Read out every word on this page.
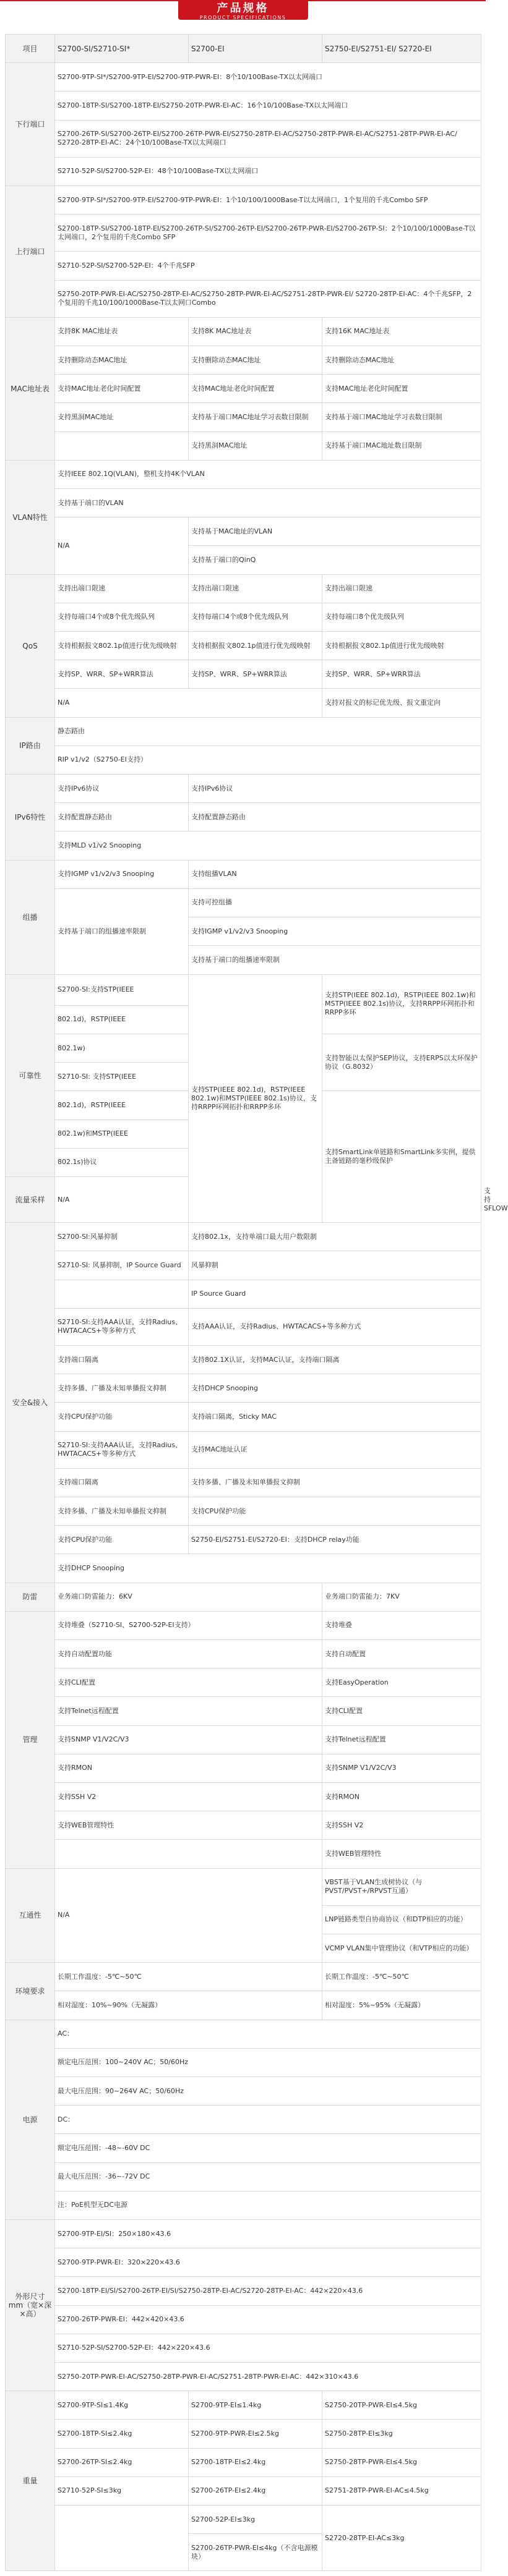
产品规格
PRODUCT SPECIFICATIONS
项目	S2700-SI/S2710-SI*	S2700-EI	S2750-EI/S2751-EI/ S2720-EI	
下行端口	S2700-9TP-SI*/S2700-9TP-EI/S2700-9TP-PWR-EI：8个10/100Base-TX以太网端口			
	S2700-18TP-SI/S2700-18TP-EI/S2750-20TP-PWR-EI-AC：16个10/100Base-TX以太网端口			
	S2700-26TP-SI/S2700-26TP-EI/S2700-26TP-PWR-EI/S2750-28TP-EI-AC/S2750-28TP-PWR-EI-AC/S2751-28TP-PWR-EI-AC/ S2720-28TP-EI-AC：24个10/100Base-TX以太网端口			
	S2710-52P-SI/S2700-52P-EI：48个10/100Base-TX以太网端口			
上行端口	S2700-9TP-SI*/S2700-9TP-EI/S2700-9TP-PWR-EI：1个10/100/1000Base-T以太网端口，1个复用的千兆Combo SFP			
	S2700-18TP-SI/S2700-18TP-EI/S2700-26TP-SI/S2700-26TP-EI/S2700-26TP-PWR-EI/S2700-26TP-SI：2个10/100/1000Base-T以太网端口，2个复用的千兆Combo SFP			
	S2710-52P-SI/S2700-52P-EI：4个千兆SFP			
	S2750-20TP-PWR-EI-AC/S2750-28TP-EI-AC/S2750-28TP-PWR-EI-AC/S2751-28TP-PWR-EI/ S2720-28TP-EI-AC：4个千兆SFP，2个复用的千兆10/100/1000Base-T以太网口Combo			
MAC地址表	支持8K MAC地址表	支持8K MAC地址表	支持16K MAC地址表	
	支持删除动态MAC地址	支持删除动态MAC地址	支持删除动态MAC地址	
	支持MAC地址老化时间配置	支持MAC地址老化时间配置	支持MAC地址老化时间配置	
	支持黑洞MAC地址	支持基于端口MAC地址学习表数目限制	支持基于端口MAC地址学习表数目限制	
		支持黑洞MAC地址	支持基于端口MAC地址数目限制	
VLAN特性	支持IEEE 802.1Q(VLAN)，整机支持4K个VLAN			
	支持基于端口的VLAN			
	N/A	支持基于MAC地址的VLAN		
		支持基于端口的QinQ		
QoS	支持出端口限速	支持出端口限速	支持出端口限速	
	支持每端口4个或8个优先级队列	支持每端口4个或8个优先级队列	支持每端口8个优先级队列	
	支持根据报文802.1p值进行优先级映射	支持根据报文802.1p值进行优先级映射	支持根据报文802.1p值进行优先级映射	
	支持SP、WRR、SP+WRR算法	支持SP、WRR、SP+WRR算法	支持SP、WRR、SP+WRR算法	
	N/A		支持对报文的标记优先级、报文重定向	
IP路由	静态路由			
	RIP v1/v2（S2750-EI支持）			
IPv6特性	支持IPv6协议	支持IPv6协议		
	支持配置静态路由	支持配置静态路由		
	支持MLD v1/v2 Snooping			
组播	支持IGMP v1/v2/v3 Snooping	支持组播VLAN		
	支持基于端口的组播速率限制	支持可控组播		
		支持IGMP v1/v2/v3 Snooping		
		支持基于端口的组播速率限制		
可靠性	S2700-SI:支持STP(IEEE	支持STP(IEEE 802.1d)，RSTP(IEEE 802.1w)和MSTP(IEEE 802.1s)协议，支持RRPP环网拓扑和RRPP多环	支持STP(IEEE 802.1d)，RSTP(IEEE 802.1w)和MSTP(IEEE 802.1s)协议，支持RRPP环网拓扑和RRPP多环	
	802.1d)，RSTP(IEEE			
	802.1w)		支持智能以太保护SEP协议，支持ERPS以太环保护协议（G.8032）	
	S2710-SI: 支持STP(IEEE			
	802.1d)，RSTP(IEEE		支持SmartLink单链路和SmartLink多实例，提供主备链路的毫秒级保护	
	802.1w)和MSTP(IEEE			
	802.1s)协议			
流量采样	N/A			支持SFLOW
安全&接入	S2700-SI:风暴抑制	支持802.1x，支持单端口最大用户数限制		
	S2710-SI: 风暴抑制，IP Source Guard	风暴抑制		
		IP Source Guard		
	S2710-SI:支持AAA认证，支持Radius、HWTACACS+等多种方式	支持AAA认证，支持Radius、HWTACACS+等多种方式		
	支持端口隔离	支持802.1X认证，支持MAC认证，支持端口隔离		
	支持多播、广播及未知单播报文抑制	支持DHCP Snooping		
	支持CPU保护功能	支持端口隔离，Sticky MAC		
	S2710-SI:支持AAA认证，支持Radius、HWTACACS+等多种方式	支持MAC地址认证		
	支持端口隔离	支持多播、广播及未知单播报文抑制		
	支持多播、广播及未知单播报文抑制	支持CPU保护功能		
	支持CPU保护功能	S2750-EI/S2751-EI/S2720-EI：支持DHCP relay功能		
	支持DHCP Snooping			
防雷	业务端口防雷能力：6KV		业务端口防雷能力：7KV	
管理	支持堆叠（S2710-SI、S2700-52P-EI支持）		支持堆叠	
	支持自动配置功能		支持自动配置	
	支持CLI配置		支持EasyOperation	
	支持Telnet远程配置		支持CLI配置	
	支持SNMP V1/V2C/V3		支持Telnet远程配置	
	支持RMON		支持SNMP V1/V2C/V3	
	支持SSH V2		支持RMON	
	支持WEB管理特性		支持SSH V2	
			支持WEB管理特性	
互通性	N/A		VBST基于VLAN生成树协议（与PVST/PVST+/RPVST互通）	
			LNP链路类型自协商协议（和DTP相应的功能）	
			VCMP VLAN集中管理协议（和VTP相应的功能）	
环境要求	长期工作温度：-5℃~50℃		长期工作温度：-5℃~50℃	
	相对湿度：10%~90%（无凝露）		相对湿度：5%~95%（无凝露）	
电源	AC：			
	额定电压范围：100~240V AC；50/60Hz			
	最大电压范围：90~264V AC；50/60Hz			
	DC：			
	额定电压范围：-48~-60V DC			
	最大电压范围：-36~-72V DC			
	注：PoE机型无DC电源			
外形尺寸mm（宽×深×高）	S2700-9TP-EI/SI：250×180×43.6			
	S2700-9TP-PWR-EI：320×220×43.6			
	S2700-18TP-EI/SI/S2700-26TP-EI/SI/S2750-28TP-EI-AC/S2720-28TP-EI-AC：442×220×43.6			
	S2700-26TP-PWR-EI：442×420×43.6			
	S2710-52P-SI/S2700-52P-EI：442×220×43.6			
	S2750-20TP-PWR-EI-AC/S2750-28TP-PWR-EI-AC/S2751-28TP-PWR-EI-AC：442×310×43.6			
重量	S2700-9TP-SI≤1.4Kg	S2700-9TP-EI≤1.4kg	S2750-20TP-PWR-EI≤4.5kg	
	S2700-18TP-SI≤2.4kg	S2700-9TP-PWR-EI≤2.5kg	S2750-28TP-EI≤3kg	
	S2700-26TP-SI≤2.4kg	S2700-18TP-EI≤2.4kg	S2750-28TP-PWR-EI≤4.5kg	
	S2710-52P-SI≤3kg	S2700-26TP-EI≤2.4kg	S2751-28TP-PWR-EI-AC≤4.5kg	
		S2700-52P-EI≤3kg	S2720-28TP-EI-AC≤3kg	
		S2700-26TP-PWR-EI≤4kg（不含电源模块）		
